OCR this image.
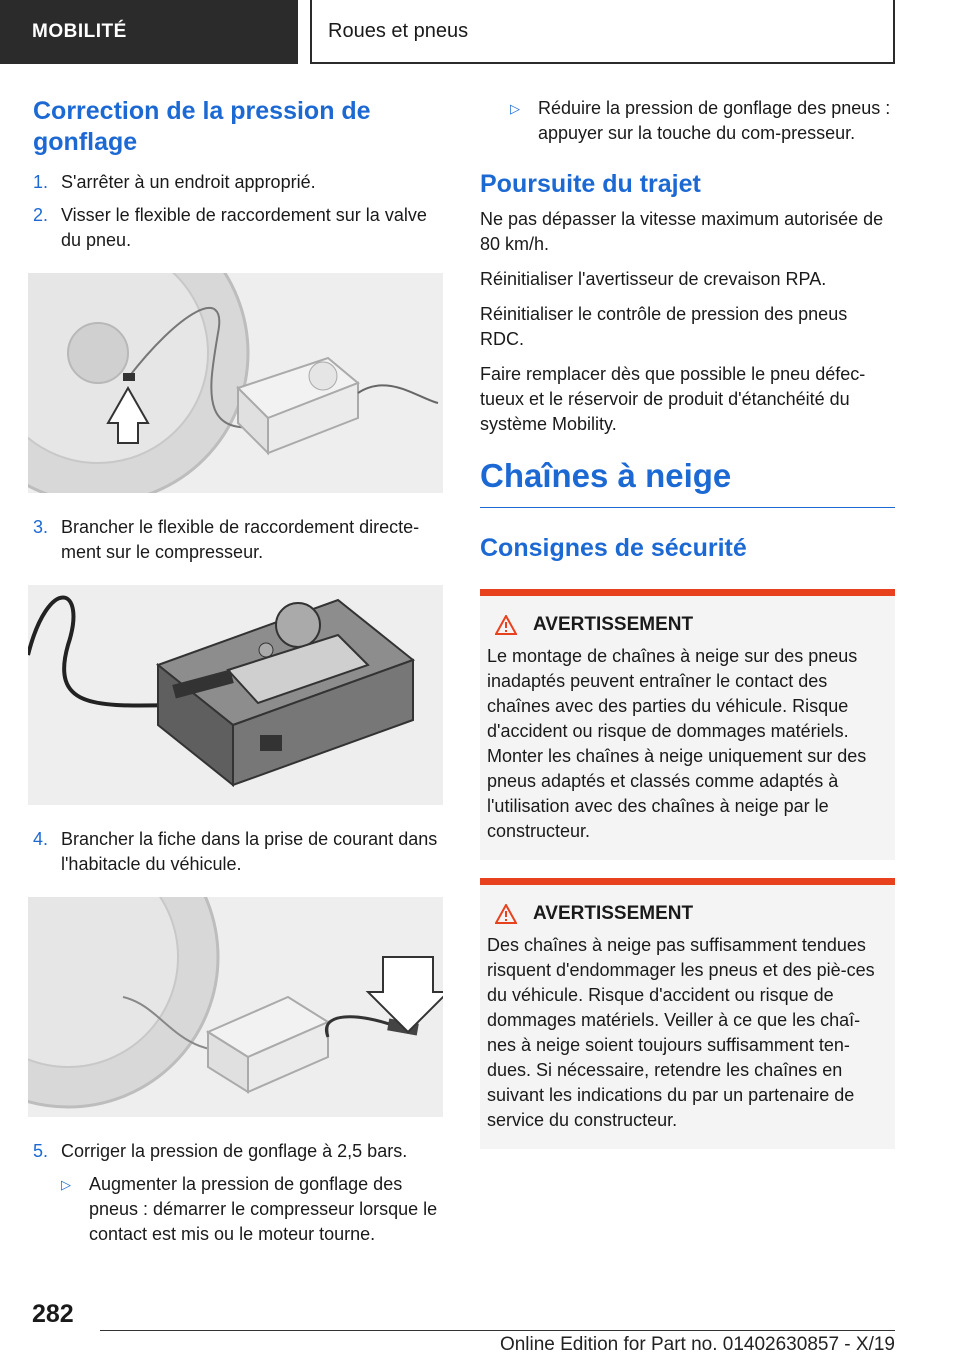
MOBILITÉ	Roues et pneus
Correction de la pression de gonflage
1. S'arrêter à un endroit approprié.
2. Visser le flexible de raccordement sur la valve du pneu.
3. Brancher le flexible de raccordement directe-ment sur le compresseur.
4. Brancher la fiche dans la prise de courant dans l'habitacle du véhicule.
5. Corriger la pression de gonflage à 2,5 bars.
▷ Augmenter la pression de gonflage des pneus : démarrer le compresseur lorsque le contact est mis ou le moteur tourne.
▷ Réduire la pression de gonflage des pneus : appuyer sur la touche du com-presseur.
Poursuite du trajet

Ne pas dépasser la vitesse maximum autorisée de 80 km/h.

Réinitialiser l'avertisseur de crevaison RPA.

Réinitialiser le contrôle de pression des pneus RDC.

Faire remplacer dès que possible le pneu défec-tueux et le réservoir de produit d'étanchéité du système Mobility.

Chaînes à neige
Consignes de sécurité
AVERTISSEMENT
Le montage de chaînes à neige sur des pneus inadaptés peuvent entraîner le contact des chaînes avec des parties du véhicule. Risque d'accident ou risque de dommages matériels. Monter les chaînes à neige uniquement sur des pneus adaptés et classés comme adaptés à l'utilisation avec des chaînes à neige par le constructeur.
AVERTISSEMENT
Des chaînes à neige pas suffisamment tendues risquent d'endommager les pneus et des piè-ces du véhicule. Risque d'accident ou risque de dommages matériels. Veiller à ce que les chaî-nes à neige soient toujours suffisamment ten-dues. Si nécessaire, retendre les chaînes en suivant les indications du par un partenaire de service du constructeur.
282
Online Edition for Part no. 01402630857 - X/19
